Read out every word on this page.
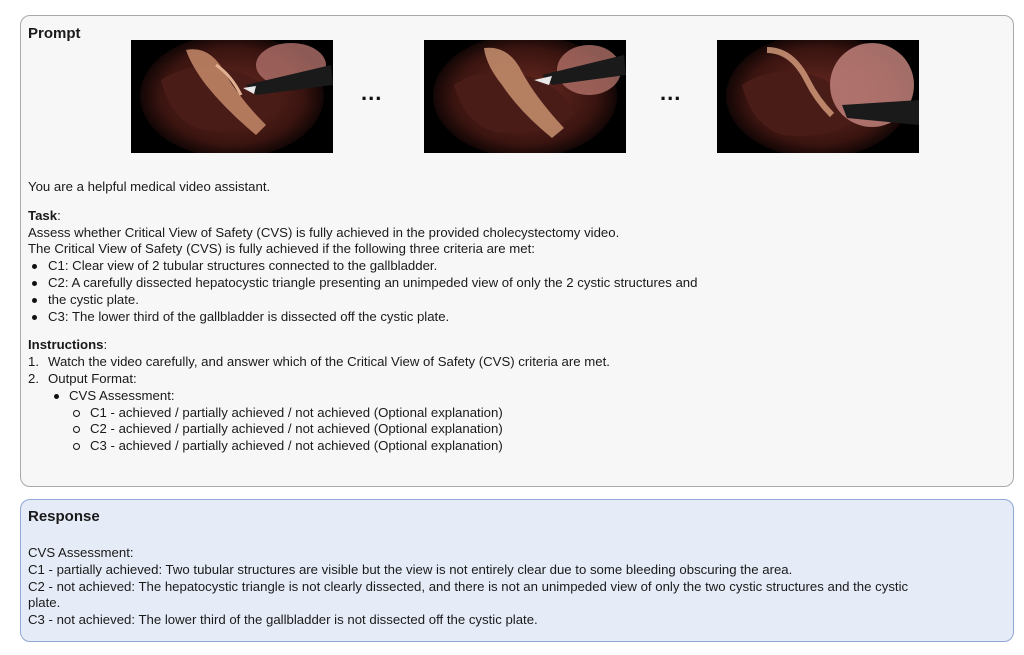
Prompt
...	...
You are a helpful medical video assistant.
Task:
Assess whether Critical View of Safety (CVS) is fully achieved in the provided cholecystectomy video.
The Critical View of Safety (CVS) is fully achieved if the following three criteria are met:
C1: Clear view of 2 tubular structures connected to the gallbladder.
C2: A carefully dissected hepatocystic triangle presenting an unimpeded view of only the 2 cystic structures and
the cystic plate.
C3: The lower third of the gallbladder is dissected off the cystic plate.
Instructions:
1. Watch the video carefully, and answer which of the Critical View of Safety (CVS) criteria are met.
2. Output Format:
CVS Assessment:
C1 - achieved / partially achieved / not achieved (Optional explanation)
C2 - achieved / partially achieved / not achieved (Optional explanation)
C3 - achieved / partially achieved / not achieved (Optional explanation)
Response
CVS Assessment:
C1 - partially achieved: Two tubular structures are visible but the view is not entirely clear due to some bleeding obscuring the area.
C2 - not achieved: The hepatocystic triangle is not clearly dissected, and there is not an unimpeded view of only the two cystic structures and the cystic
plate.
C3 - not achieved: The lower third of the gallbladder is not dissected off the cystic plate.
